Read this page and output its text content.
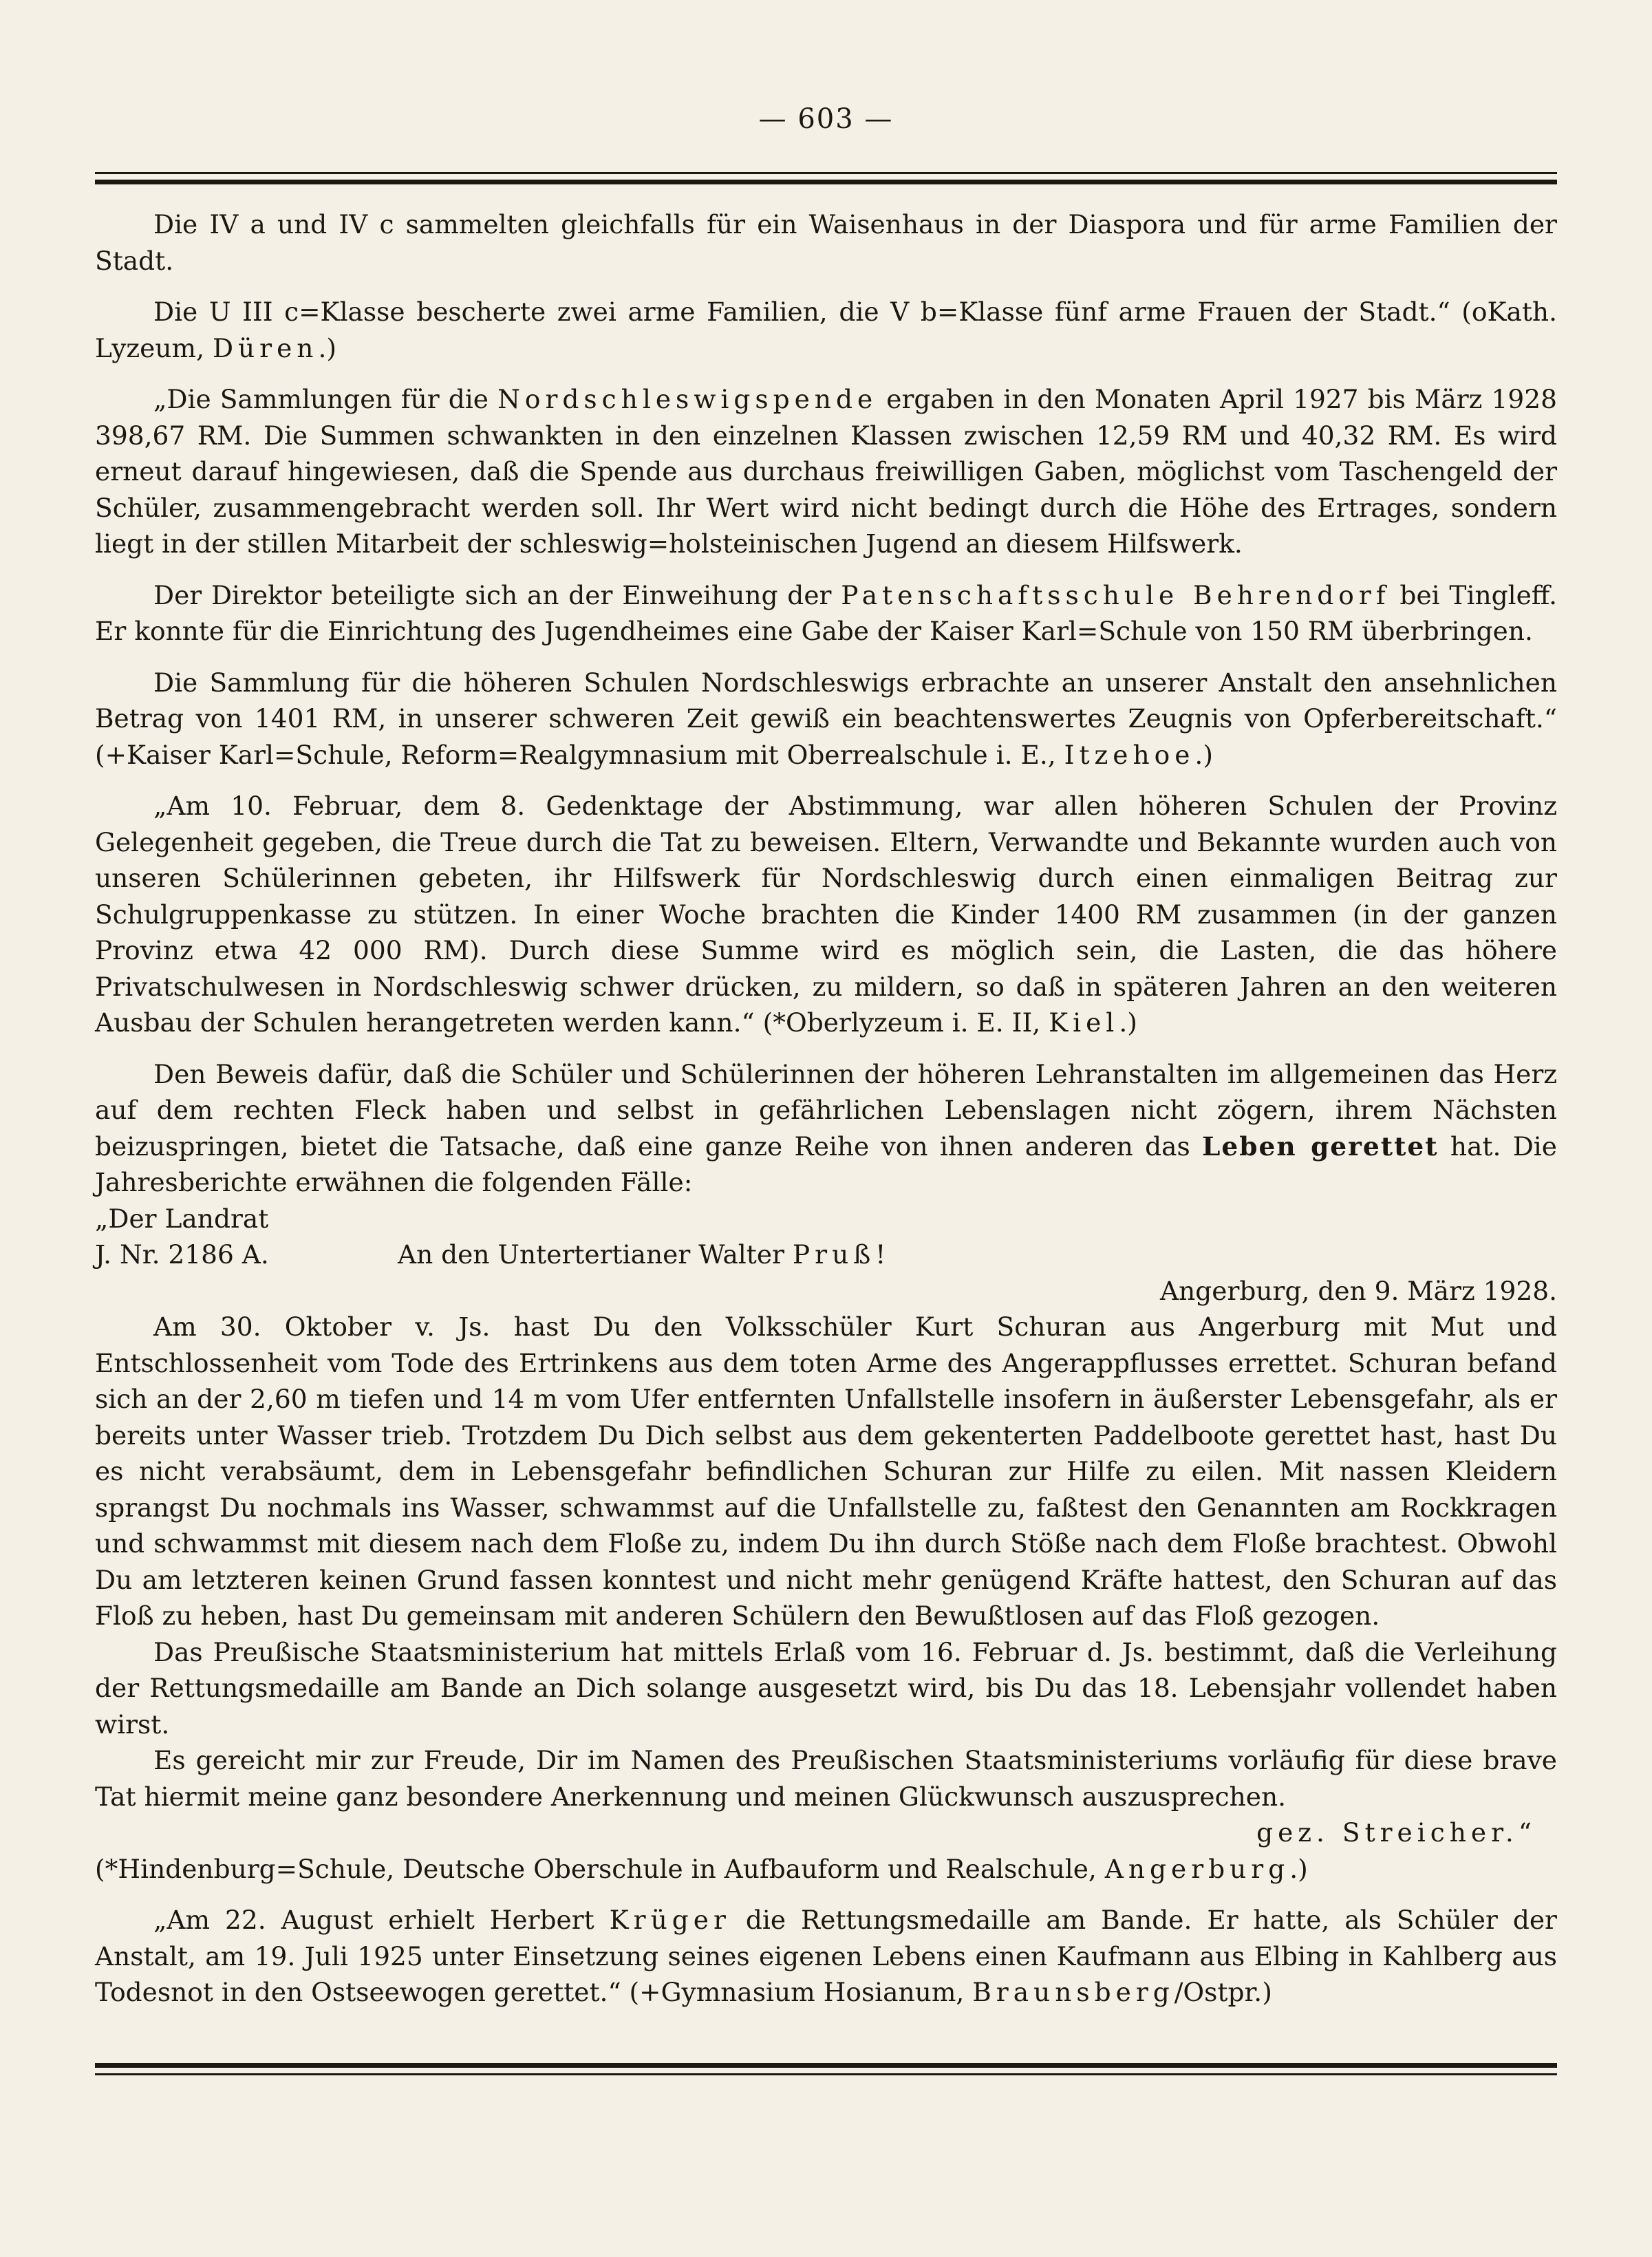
— 603 —

Die IV a und IV c sammelten gleichfalls für ein Waisenhaus in der Diaspora und für arme Familien der Stadt.

Die U III c=Klasse bescherte zwei arme Familien, die V b=Klasse fünf arme Frauen der Stadt.“ (oKath. Lyzeum, Düren.)

„Die Sammlungen für die Nordschleswigspende ergaben in den Monaten April 1927 bis März 1928 398,67 RM. Die Summen schwankten in den einzelnen Klassen zwischen 12,59 RM und 40,32 RM. Es wird erneut darauf hingewiesen, daß die Spende aus durchaus freiwilligen Gaben, möglichst vom Taschengeld der Schüler, zusammengebracht werden soll. Ihr Wert wird nicht bedingt durch die Höhe des Ertrages, sondern liegt in der stillen Mitarbeit der schleswig=holsteinischen Jugend an diesem Hilfswerk.

Der Direktor beteiligte sich an der Einweihung der Patenschaftsschule Behrendorf bei Tingleff. Er konnte für die Einrichtung des Jugendheimes eine Gabe der Kaiser Karl=Schule von 150 RM überbringen.

Die Sammlung für die höheren Schulen Nordschleswigs erbrachte an unserer Anstalt den ansehnlichen Betrag von 1401 RM, in unserer schweren Zeit gewiß ein beachtenswertes Zeugnis von Opferbereitschaft.“ (+Kaiser Karl=Schule, Reform=Realgymnasium mit Oberrealschule i. E., Itzehoe.)

„Am 10. Februar, dem 8. Gedenktage der Abstimmung, war allen höheren Schulen der Provinz Gelegenheit gegeben, die Treue durch die Tat zu beweisen. Eltern, Verwandte und Bekannte wurden auch von unseren Schülerinnen gebeten, ihr Hilfswerk für Nordschleswig durch einen einmaligen Beitrag zur Schulgruppenkasse zu stützen. In einer Woche brachten die Kinder 1400 RM zusammen (in der ganzen Provinz etwa 42 000 RM). Durch diese Summe wird es möglich sein, die Lasten, die das höhere Privatschulwesen in Nordschleswig schwer drücken, zu mildern, so daß in späteren Jahren an den weiteren Ausbau der Schulen herangetreten werden kann.“ (*Oberlyzeum i. E. II, Kiel.)

Den Beweis dafür, daß die Schüler und Schülerinnen der höheren Lehranstalten im allgemeinen das Herz auf dem rechten Fleck haben und selbst in gefährlichen Lebenslagen nicht zögern, ihrem Nächsten beizuspringen, bietet die Tatsache, daß eine ganze Reihe von ihnen anderen das Leben gerettet hat. Die Jahresberichte erwähnen die folgenden Fälle:

„Der Landrat
J. Nr. 2186 A.	An den Untertertianer Walter Pruß!
Angerburg, den 9. März 1928.

Am 30. Oktober v. Js. hast Du den Volksschüler Kurt Schuran aus Angerburg mit Mut und Entschlossenheit vom Tode des Ertrinkens aus dem toten Arme des Angerappflusses errettet. Schuran befand sich an der 2,60 m tiefen und 14 m vom Ufer entfernten Unfallstelle insofern in äußerster Lebensgefahr, als er bereits unter Wasser trieb. Trotzdem Du Dich selbst aus dem gekenterten Paddelboote gerettet hast, hast Du es nicht verabsäumt, dem in Lebensgefahr befindlichen Schuran zur Hilfe zu eilen. Mit nassen Kleidern sprangst Du nochmals ins Wasser, schwammst auf die Unfallstelle zu, faßtest den Genannten am Rockkragen und schwammst mit diesem nach dem Floße zu, indem Du ihn durch Stöße nach dem Floße brachtest. Obwohl Du am letzteren keinen Grund fassen konntest und nicht mehr genügend Kräfte hattest, den Schuran auf das Floß zu heben, hast Du gemeinsam mit anderen Schülern den Bewußtlosen auf das Floß gezogen.

Das Preußische Staatsministerium hat mittels Erlaß vom 16. Februar d. Js. bestimmt, daß die Verleihung der Rettungsmedaille am Bande an Dich solange ausgesetzt wird, bis Du das 18. Lebensjahr vollendet haben wirst.

Es gereicht mir zur Freude, Dir im Namen des Preußischen Staatsministeriums vorläufig für diese brave Tat hiermit meine ganz besondere Anerkennung und meinen Glückwunsch auszusprechen.

gez. Streicher.“
(*Hindenburg=Schule, Deutsche Oberschule in Aufbauform und Realschule, Angerburg.)

„Am 22. August erhielt Herbert Krüger die Rettungsmedaille am Bande. Er hatte, als Schüler der Anstalt, am 19. Juli 1925 unter Einsetzung seines eigenen Lebens einen Kaufmann aus Elbing in Kahlberg aus Todesnot in den Ostseewogen gerettet.“ (+Gymnasium Hosianum, Braunsberg/Ostpr.)
